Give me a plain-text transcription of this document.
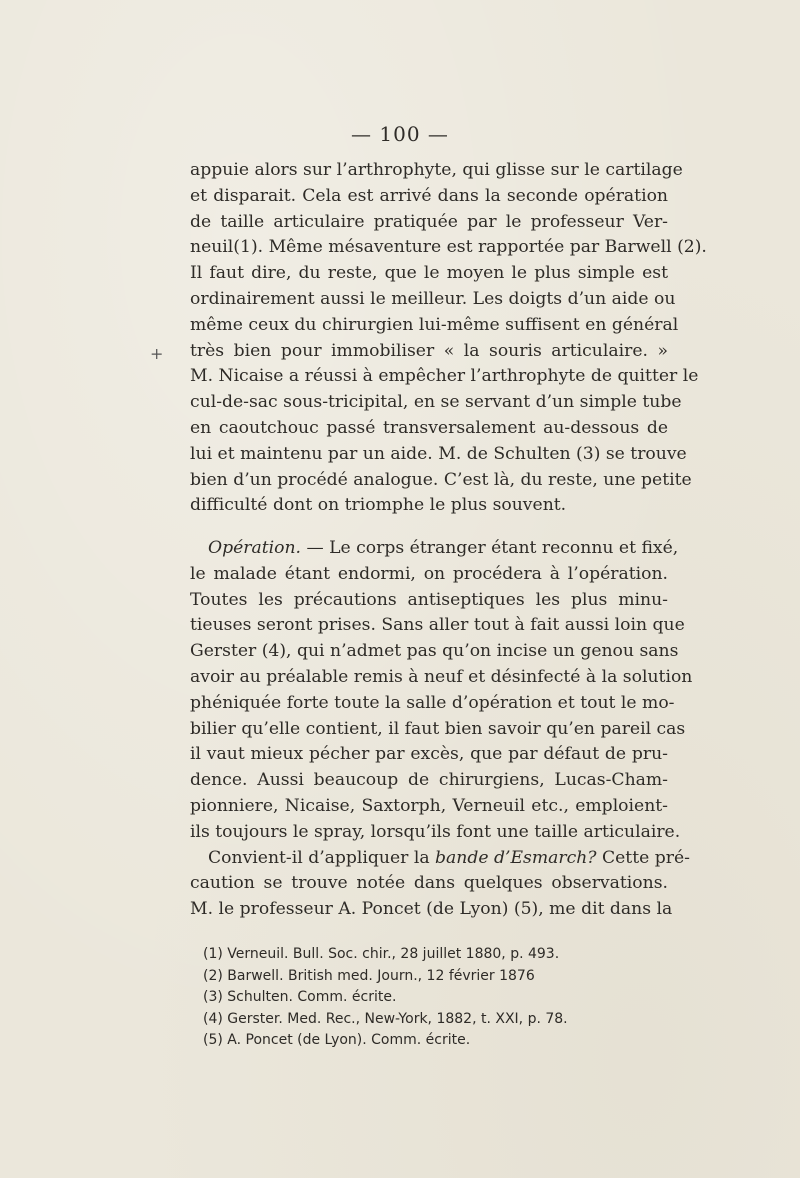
— 100 —
+
appuie alors sur l’arthrophyte, qui glisse sur le cartilage
et disparait. Cela est arrivé dans la seconde opération
de taille articulaire pratiquée par le professeur Ver-
neuil(1). Même mésaventure est rapportée par Barwell (2).
Il faut dire, du reste, que le moyen le plus simple est
ordinairement aussi le meilleur. Les doigts d’un aide ou
même ceux du chirurgien lui-même suffisent en général
très bien pour immobiliser « la souris articulaire. »
M. Nicaise a réussi à empêcher l’arthrophyte de quitter le
cul-de-sac sous-tricipital, en se servant d’un simple tube
en caoutchouc passé transversalement au-dessous de
lui et maintenu par un aide. M. de Schulten (3) se trouve
bien d’un procédé analogue. C’est là, du reste, une petite
difficulté dont on triomphe le plus souvent.
Opération. — Le corps étranger étant reconnu et fixé,
le malade étant endormi, on procédera à l’opération.
Toutes les précautions antiseptiques les plus minu-
tieuses seront prises. Sans aller tout à fait aussi loin que
Gerster (4), qui n’admet pas qu’on incise un genou sans
avoir au préalable remis à neuf et désinfecté à la solution
phéniquée forte toute la salle d’opération et tout le mo-
bilier qu’elle contient, il faut bien savoir qu’en pareil cas
il vaut mieux pécher par excès, que par défaut de pru-
dence. Aussi beaucoup de chirurgiens, Lucas-Cham-
pionniere, Nicaise, Saxtorph, Verneuil etc., emploient-
ils toujours le spray, lorsqu’ils font une taille articulaire.
Convient-il d’appliquer la bande d’Esmarch? Cette pré-
caution se trouve notée dans quelques observations.
M. le professeur A. Poncet (de Lyon) (5), me dit dans la
(1) Verneuil. Bull. Soc. chir., 28 juillet 1880, p. 493.
(2) Barwell. British med. Journ., 12 février 1876
(3) Schulten. Comm. écrite.
(4) Gerster. Med. Rec., New-York, 1882, t. XXI, p. 78.
(5) A. Poncet (de Lyon). Comm. écrite.
